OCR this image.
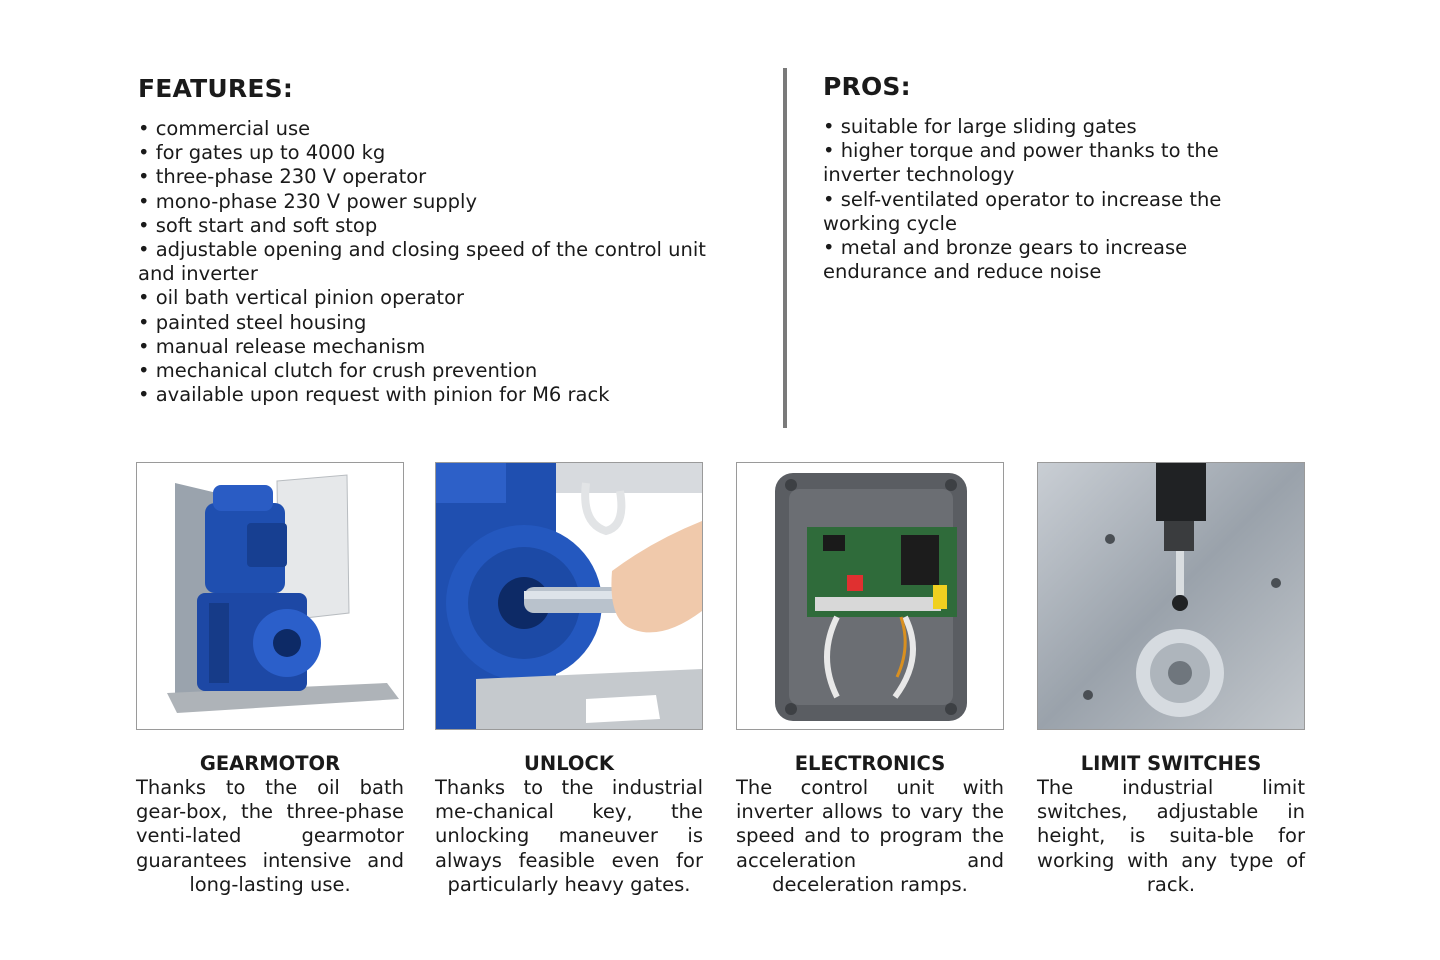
FEATURES:
• commercial use
• for gates up to 4000 kg
• three-phase 230 V operator
• mono-phase 230 V power supply
• soft start and soft stop
• adjustable opening and closing speed of the control unit and inverter
• oil bath vertical pinion operator
• painted steel housing
• manual release mechanism
• mechanical clutch for crush prevention
• available upon request with pinion for M6 rack
PROS:
• suitable for large sliding gates
• higher torque and power thanks to the inverter technology
• self-ventilated operator to increase the working cycle
• metal and bronze gears to increase endurance and reduce noise
GEARMOTOR
Thanks to the oil bath gear-box, the three-phase venti-lated gearmotor guarantees intensive and long-lasting use.
UNLOCK
Thanks to the industrial me-chanical key, the unlocking maneuver is always feasible even for particularly heavy gates.
ELECTRONICS
The control unit with inverter allows to vary the speed and to program the acceleration and deceleration ramps.
LIMIT SWITCHES
The industrial limit switches, adjustable in height, is suita-ble for working with any type of rack.
